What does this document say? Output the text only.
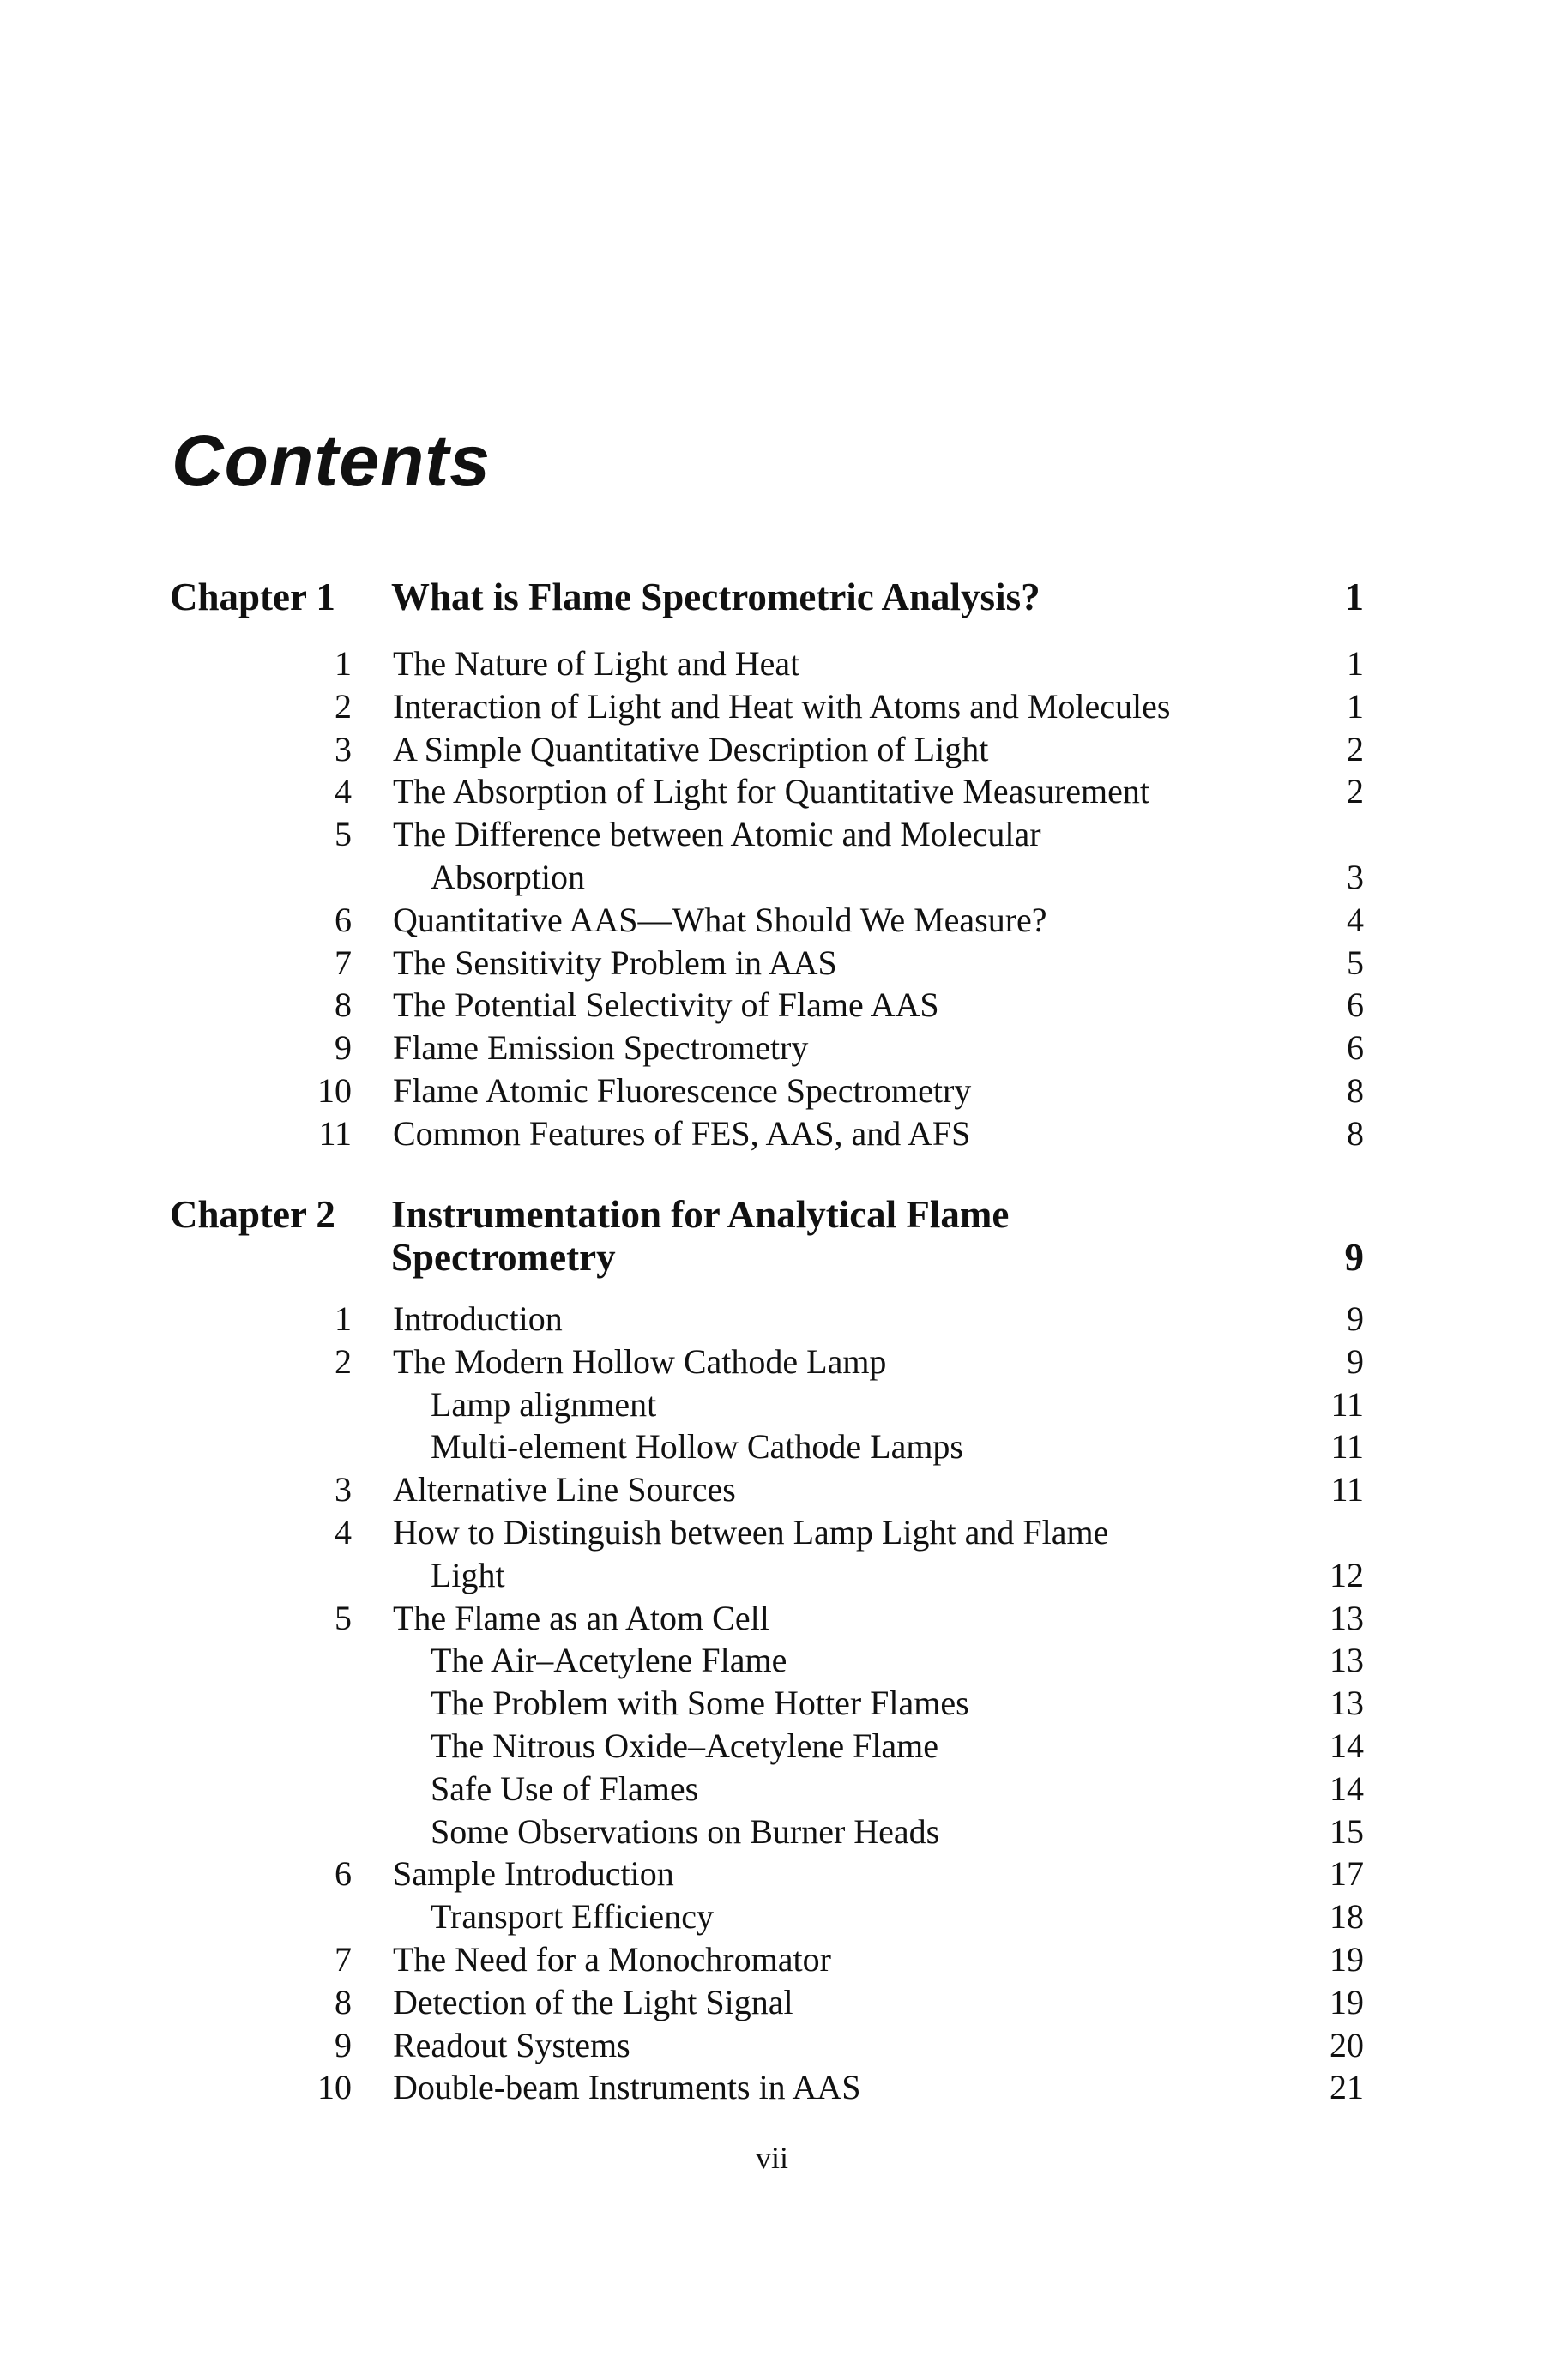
Contents
Chapter 1 What is Flame Spectrometric Analysis?	1
1 The Nature of Light and Heat	1
2 Interaction of Light and Heat with Atoms and Molecules	1
3 A Simple Quantitative Description of Light	2
4 The Absorption of Light for Quantitative Measurement	2
5 The Difference between Atomic and Molecular
Absorption	3
6 Quantitative AAS—What Should We Measure?	4
7 The Sensitivity Problem in AAS	5
8 The Potential Selectivity of Flame AAS	6
9 Flame Emission Spectrometry	6
10 Flame Atomic Fluorescence Spectrometry	8
11 Common Features of FES, AAS, and AFS	8
Chapter 2 Instrumentation for Analytical Flame Spectrometry	9
1 Introduction	9
2 The Modern Hollow Cathode Lamp	9
Lamp alignment	11
Multi-element Hollow Cathode Lamps	11
3 Alternative Line Sources	11
4 How to Distinguish between Lamp Light and Flame
Light	12
5 The Flame as an Atom Cell	13
The Air–Acetylene Flame	13
The Problem with Some Hotter Flames	13
The Nitrous Oxide–Acetylene Flame	14
Safe Use of Flames	14
Some Observations on Burner Heads	15
6 Sample Introduction	17
Transport Efficiency	18
7 The Need for a Monochromator	19
8 Detection of the Light Signal	19
9 Readout Systems	20
10 Double-beam Instruments in AAS	21
vii
